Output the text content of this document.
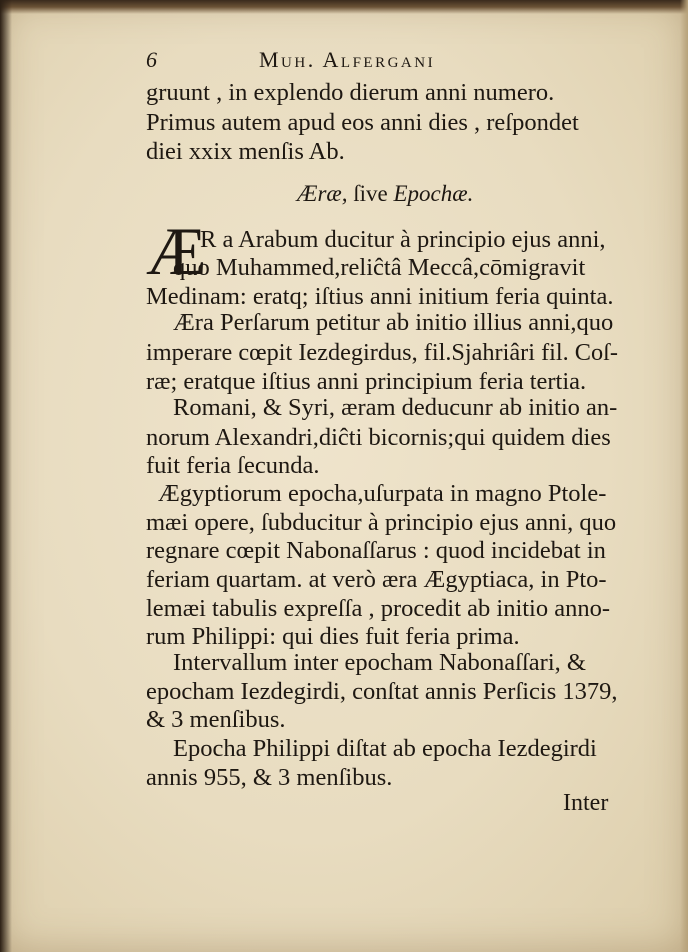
6	Muh. Alfergani
gruunt , in explendo dierum anni numero.
Primus autem apud eos anni dies , reſpondet
diei xxix menſis Ab.
Æræ, ſive Epochæ.
Æ
R a Arabum ducitur à principio ejus anni,
quo Muhammed,reliĉtâ Meccâ,cōmigravit
Medinam: eratq; iſtius anni initium feria quinta.
Æra Perſarum petitur ab initio illius anni,quo
imperare cœpit Iezdegirdus, fil.Sjahriâri fil. Coſ-
ræ; eratque iſtius anni principium feria tertia.
Romani, & Syri, æram deducunr ab initio an-
norum Alexandri,diĉti bicornis;qui quidem dies
fuit feria ſecunda.
Ægyptiorum epocha,uſurpata in magno Ptole-
mæi opere, ſubducitur à principio ejus anni, quo
regnare cœpit Nabonaſſarus : quod incidebat in
feriam quartam. at verò æra Ægyptiaca, in Pto-
lemæi tabulis expreſſa , procedit ab initio anno-
rum Philippi: qui dies fuit feria prima.
Intervallum inter epocham Nabonaſſari, &
epocham Iezdegirdi, conſtat annis Perſicis 1379,
& 3 menſibus.
Epocha Philippi diſtat ab epocha Iezdegirdi
annis 955, & 3 menſibus.
Inter
